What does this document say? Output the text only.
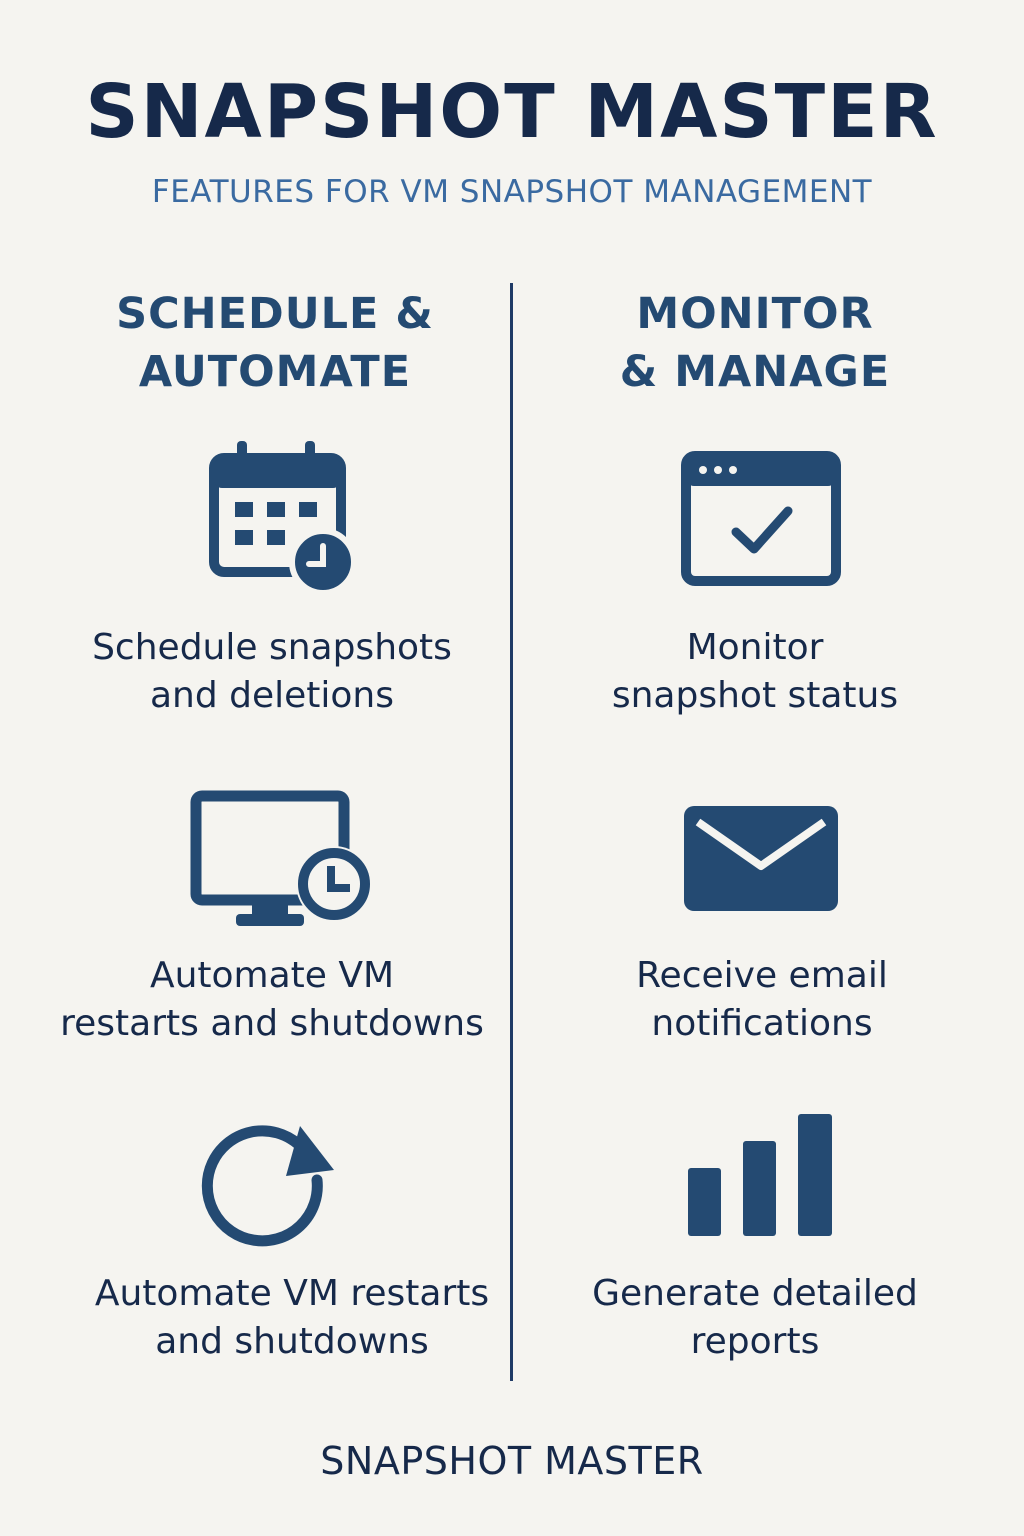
SNAPSHOT MASTER
FEATURES FOR VM SNAPSHOT MANAGEMENT
SCHEDULE &
AUTOMATE
MONITOR
& MANAGE
Schedule snapshots
and deletions
Automate VM
restarts and shutdowns
Automate VM restarts
and shutdowns
Monitor
snapshot status
Receive email
notifications
Generate detailed
reports
SNAPSHOT MASTER
